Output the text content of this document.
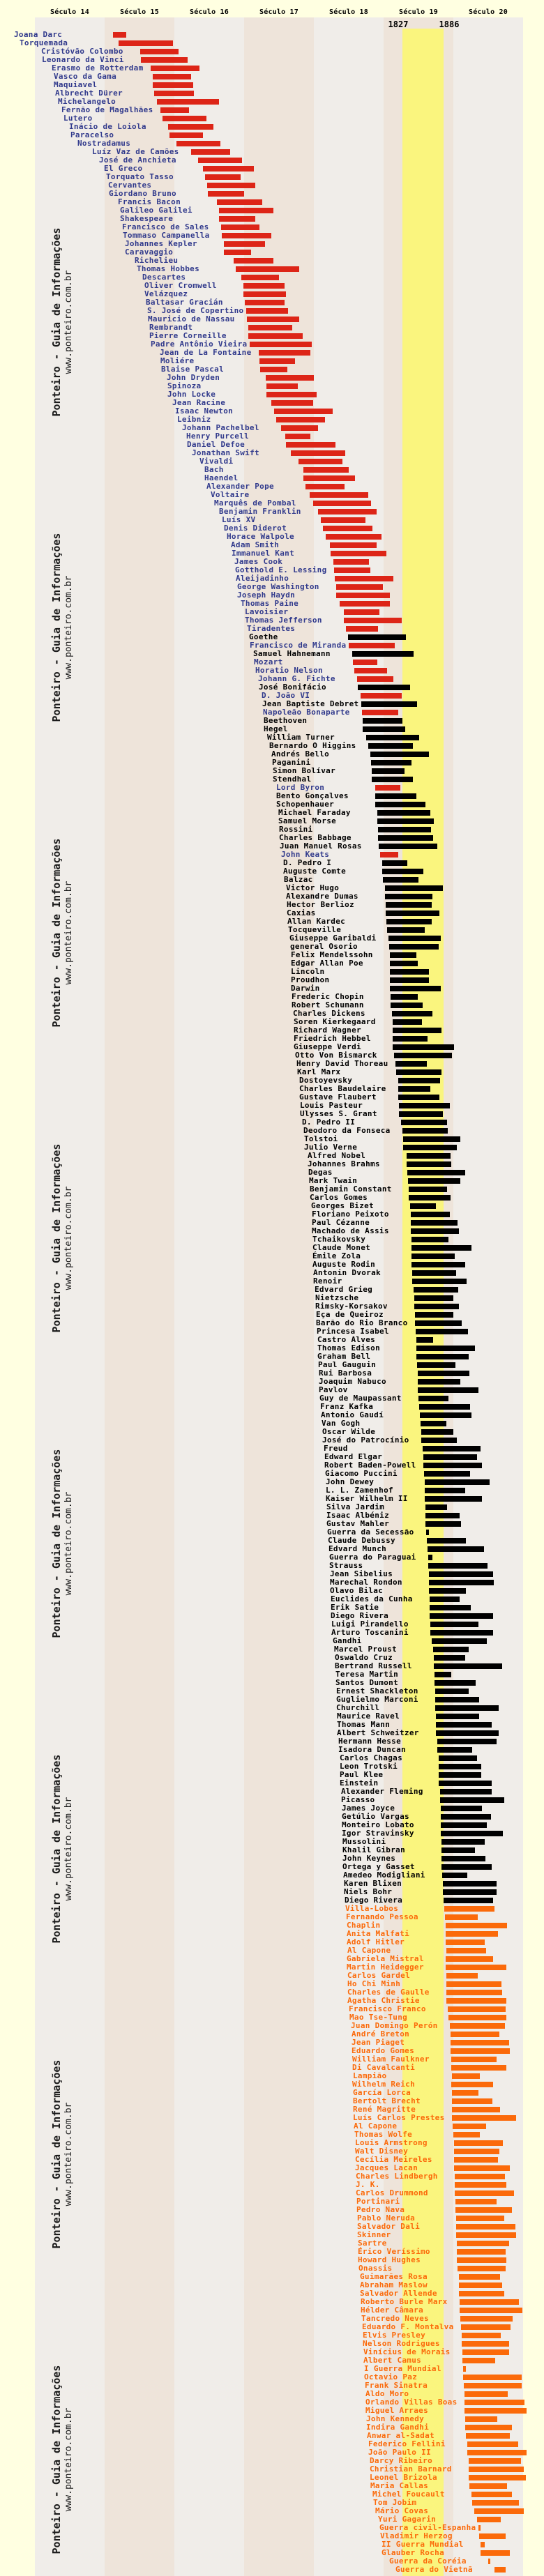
Século 14	Século 15	Século 16	Século 17	Século 18	Século 19	Século 20
1827	1886
Ponteiro - Guia de Informações www.ponteiro.com.br
Ponteiro - Guia de Informações www.ponteiro.com.br
Ponteiro - Guia de Informações www.ponteiro.com.br
Ponteiro - Guia de Informações www.ponteiro.com.br
Ponteiro - Guia de Informações www.ponteiro.com.br
Ponteiro - Guia de Informações www.ponteiro.com.br
Ponteiro - Guia de Informações www.ponteiro.com.br
Ponteiro - Guia de Informações www.ponteiro.com.br
Joana Darc
Torquemada
Cristóvão Colombo
Leonardo da Vinci
Erasmo de Rotterdam
Vasco da Gama
Maquiavel
Albrecht Dürer
Michelangelo
Fernão de Magalhães
Lutero
Inácio de Loiola
Paracelso
Nostradamus
Luíz Vaz de Camões
José de Anchieta
El Greco
Torquato Tasso
Cervantes
Giordano Bruno
Francis Bacon
Galileo Galilei
Shakespeare
Francisco de Sales
Tommaso Campanella
Johannes Kepler
Caravaggio
Richelieu
Thomas Hobbes
Descartes
Oliver Cromwell
Velázquez
Baltasar Gracián
S. José de Copertino
Mauricio de Nassau
Rembrandt
Pierre Corneille
Padre Antônio Vieira
Jean de La Fontaine
Moliére
Blaise Pascal
John Dryden
Spinoza
John Locke
Jean Racine
Isaac Newton
Leibniz
Johann Pachelbel
Henry Purcell
Daniel Defoe
Jonathan Swift
Vivaldi
Bach
Haendel
Alexander Pope
Voltaire
Marquês de Pombal
Benjamin Franklin
Luís XV
Denis Diderot
Horace Walpole
Adam Smith
Immanuel Kant
James Cook
Gotthold E. Lessing
Aleijadinho
George Washington
Joseph Haydn
Thomas Paine
Lavoisier
Thomas Jefferson
Tiradentes
Goethe
Francisco de Miranda
Samuel Hahnemann
Mozart
Horatio Nelson
Johann G. Fichte
José Bonifácio
D. João VI
Jean Baptiste Debret
Napoleão Bonaparte
Beethoven
Hegel
William Turner
Bernardo O Higgins
Andrés Bello
Paganini
Simon Bolívar
Stendhal
Lord Byron
Bento Gonçalves
Schopenhauer
Michael Faraday
Samuel Morse
Rossini
Charles Babbage
Juan Manuel Rosas
John Keats
D. Pedro I
Auguste Comte
Balzac
Victor Hugo
Alexandre Dumas
Hector Berlioz
Caxias
Allan Kardec
Tocqueville
Giuseppe Garibaldi
general Osorio
Felix Mendelssohn
Edgar Allan Poe
Lincoln
Proudhon
Darwin
Frederic Chopin
Robert Schumann
Charles Dickens
Soren Kierkegaard
Richard Wagner
Friedrich Hebbel
Giuseppe Verdi
Otto Von Bismarck
Henry David Thoreau
Karl Marx
Dostoyevsky
Charles Baudelaire
Gustave Flaubert
Louis Pasteur
Ulysses S. Grant
D. Pedro II
Deodoro da Fonseca
Tolstoi
Julio Verne
Alfred Nobel
Johannes Brahms
Degas
Mark Twain
Benjamin Constant
Carlos Gomes
Georges Bizet
Floriano Peixoto
Paul Cézanne
Machado de Assis
Tchaikovsky
Claude Monet
Émile Zola
Auguste Rodin
Antonin Dvorak
Renoir
Edvard Grieg
Nietzsche
Rimsky-Korsakov
Eça de Queiroz
Barão do Rio Branco
Princesa Isabel
Castro Alves
Thomas Edison
Graham Bell
Paul Gauguin
Rui Barbosa
Joaquim Nabuco
Pavlov
Guy de Maupassant
Franz Kafka
Antonio Gaudí
Van Gogh
Oscar Wilde
José do Patrocínio
Freud
Edward Elgar
Robert Baden-Powell
Giacomo Puccini
John Dewey
L. L. Zamenhof
Kaiser Wilhelm II
Silva Jardim
Isaac Albéniz
Gustav Mahler
Guerra da Secessão
Claude Debussy
Edvard Munch
Guerra do Paraguai
Strauss
Jean Sibelius
Marechal Rondon
Olavo Bilac
Euclides da Cunha
Erik Satie
Diego Rivera
Luigi Pirandello
Arturo Toscanini
Gandhi
Marcel Proust
Oswaldo Cruz
Bertrand Russell
Teresa Martin
Santos Dumont
Ernest Shackleton
Guglielmo Marconi
Churchill
Maurice Ravel
Thomas Mann
Albert Schweitzer
Hermann Hesse
Isadora Duncan
Carlos Chagas
Leon Trotski
Paul Klee
Einstein
Alexander Fleming
Picasso
James Joyce
Getúlio Vargas
Monteiro Lobato
Igor Stravinsky
Mussolini
Khalil Gibran
John Keynes
Ortega y Gasset
Amedeo Modigliani
Karen Blixen
Niels Bohr
Diego Rivera
Villa-Lobos
Fernando Pessoa
Chaplin
Anita Malfati
Adolf Hitler
Al Capone
Gabriela Mistral
Martin Heidegger
Carlos Gardel
Ho Chi Minh
Charles de Gaulle
Agatha Christie
Francisco Franco
Mao Tse-Tung
Juan Domingo Perón
André Breton
Jean Piaget
Eduardo Gomes
William Faulkner
Di Cavalcanti
Lampião
Wilhelm Reich
García Lorca
Bertolt Brecht
René Magritte
Luís Carlos Prestes
Al Capone
Thomas Wolfe
Louis Armstrong
Walt Disney
Cecília Meireles
Jacques Lacan
Charles Lindbergh
J. K.
Carlos Drummond
Portinari
Pedro Nava
Pablo Neruda
Salvador Dali
Skinner
Sartre
Érico Veríssimo
Howard Hughes
Onassis
Guimarães Rosa
Abraham Maslow
Salvador Allende
Roberto Burle Marx
Hélder Câmara
Tancredo Neves
Eduardo F. Montalva
Elvis Presley
Nelson Rodrigues
Vinícius de Morais
Albert Camus
I Guerra Mundial
Octavio Paz
Frank Sinatra
Aldo Moro
Orlando Villas Boas
Miguel Arraes
John Kennedy
Indira Gandhi
Anwar al-Sadat
Federico Fellini
João Paulo II
Darcy Ribeiro
Christian Barnard
Leonel Brizola
Maria Callas
Michel Foucault
Tom Jobim
Mário Covas
Yuri Gagarin
Guerra civil-Espanha
Vladimir Herzog
II Guerra Mundial
Glauber Rocha
Guerra da Coréia
Guerra do Vietnã
